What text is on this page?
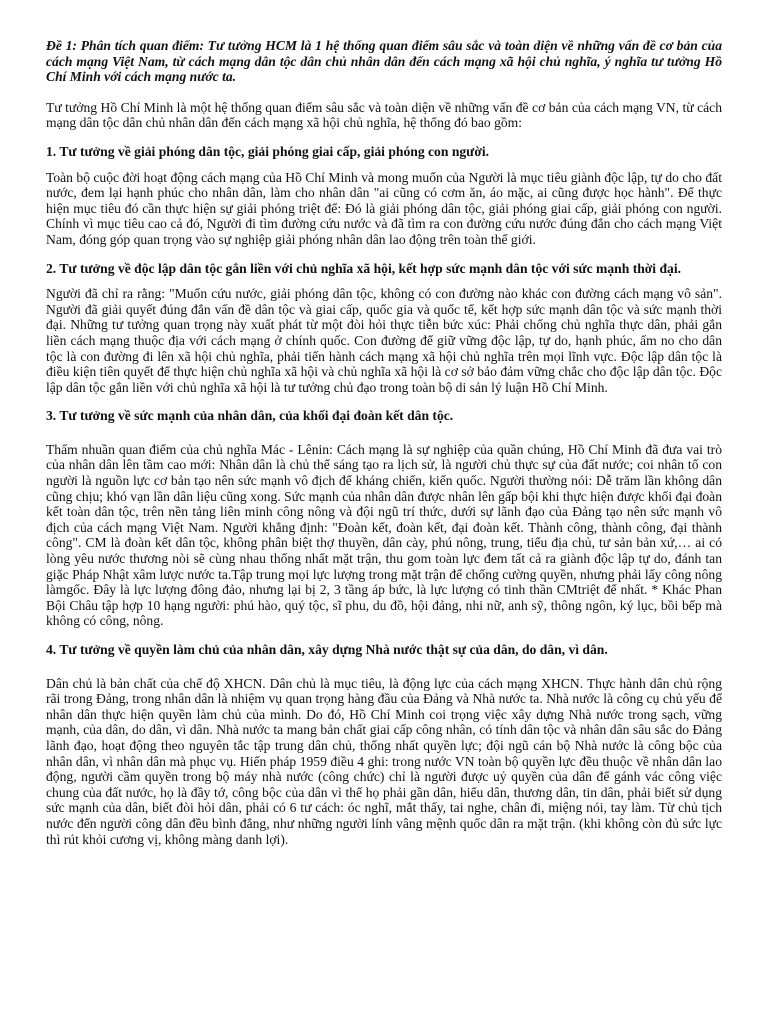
Đề 1: Phân tích quan điểm: Tư tưởng HCM là 1 hệ thống quan điểm sâu sắc và toàn diện về những vấn đề cơ bản của cách mạng Việt Nam, từ cách mạng dân tộc dân chủ nhân dân đến cách mạng xã hội chủ nghĩa, ý nghĩa tư tưởng Hồ Chí Minh với cách mạng nước ta.

Tư tưởng Hồ Chí Minh là một hệ thống quan điểm sâu sắc và toàn diện về những vấn đề cơ bản của cách mạng VN, từ cách mạng dân tộc dân chủ nhân dân đến cách mạng xã hội chủ nghĩa, hệ thống đó bao gồm:

1. Tư tưởng về giải phóng dân tộc, giải phóng giai cấp, giải phóng con người.

Toàn bộ cuộc đời hoạt động cách mạng của Hồ Chí Minh và mong muốn của Người là mục tiêu giành độc lập, tự do cho đất nước, đem lại hạnh phúc cho nhân dân, làm cho nhân dân "ai cũng có cơm ăn, áo mặc, ai cũng được học hành". Để thực hiện mục tiêu đó cần thực hiện sự giải phóng triệt để: Đó là giải phóng dân tộc, giải phóng giai cấp, giải phóng con người. Chính vì mục tiêu cao cả đó, Người đi tìm đường cứu nước và đã tìm ra con đường cứu nước đúng đắn cho cách mạng Việt Nam, đóng góp quan trọng vào sự nghiệp giải phóng nhân dân lao động trên toàn thế giới.

2. Tư tưởng về độc lập dân tộc gắn liền với chủ nghĩa xã hội, kết hợp sức mạnh dân tộc với sức mạnh thời đại.

Người đã chỉ ra rằng: "Muốn cứu nước, giải phóng dân tộc, không có con đường nào khác con đường cách mạng vô sản". Người đã giải quyết đúng đắn vấn đề dân tộc và giai cấp, quốc gia và quốc tế, kết hợp sức mạnh dân tộc và sức mạnh thời đại. Những tư tưởng quan trọng này xuất phát từ một đòi hỏi thực tiễn bức xúc: Phải chống chủ nghĩa thực dân, phải gắn liền cách mạng thuộc địa với cách mạng ở chính quốc. Con đường để giữ vững độc lập, tự do, hạnh phúc, ấm no cho dân tộc là con đường đi lên xã hội chủ nghĩa, phải tiến hành cách mạng xã hội chủ nghĩa trên mọi lĩnh vực. Độc lập dân tộc là điều kiện tiên quyết để thực hiện chủ nghĩa xã hội và chủ nghĩa xã hội là cơ sở bảo đảm vững chắc cho độc lập dân tộc. Độc lập dân tộc gắn liền với chủ nghĩa xã hội là tư tưởng chủ đạo trong toàn bộ di sản lý luận Hồ Chí Minh.

3. Tư tưởng về sức mạnh của nhân dân, của khối đại đoàn kết dân tộc.

Thấm nhuần quan điểm của chủ nghĩa Mác - Lênin: Cách mạng là sự nghiệp của quần chúng, Hồ Chí Minh đã đưa vai trò của nhân dân lên tầm cao mới: Nhân dân là chủ thể sáng tạo ra lịch sử, là người chủ thực sự của đất nước; coi nhân tố con người là nguồn lực cơ bản tạo nên sức mạnh vô địch để kháng chiến, kiến quốc. Người thường nói: Dễ trăm lần không dân cũng chịu; khó vạn lần dân liệu cũng xong. Sức mạnh của nhân dân được nhân lên gấp bội khi thực hiện được khối đại đoàn kết toàn dân tộc, trên nền tảng liên minh công nông và đội ngũ trí thức, dưới sự lãnh đạo của Đảng tạo nên sức mạnh vô địch của cách mạng Việt Nam. Người khẳng định: "Đoàn kết, đoàn kết, đại đoàn kết. Thành công, thành công, đại thành công". CM là đoàn kết dân tộc, không phân biệt thợ thuyền, dân cày, phú nông, trung, tiểu địa chủ, tư sản bản xứ,… ai có lòng yêu nước thương nòi sẽ cùng nhau thống nhất mặt trận, thu gom toàn lực đem tất cả ra giành độc lập tự do, đánh tan giặc Pháp Nhật xâm lược nước ta.Tập trung mọi lực lượng trong mặt trận để chống cường quyền, nhưng phải lấy công nông làmgốc. Đây là lực lượng đông đảo, nhưng lại bị 2, 3 tầng áp bức, là lực lượng có tinh thần CMtriệt để nhất. * Khác Phan Bội Châu tập hợp 10 hạng người: phú hào, quý tộc, sĩ phu, du đồ, hội đảng, nhi nữ, anh sỹ, thông ngôn, ký lục, bồi bếp mà không có công, nông.

4. Tư tưởng về quyền làm chủ của nhân dân, xây dựng Nhà nước thật sự của dân, do dân, vì dân.

Dân chủ là bản chất của chế độ XHCN. Dân chủ là mục tiêu, là động lực của cách mạng XHCN. Thực hành dân chủ rộng rãi trong Đảng, trong nhân dân là nhiệm vụ quan trọng hàng đầu của Đảng và Nhà nước ta. Nhà nước là công cụ chủ yếu để nhân dân thực hiện quyền làm chủ của mình. Do đó, Hồ Chí Minh coi trọng việc xây dựng Nhà nước trong sạch, vững mạnh, của dân, do dân, vì dân. Nhà nước ta mang bản chất giai cấp công nhân, có tính dân tộc và nhân dân sâu sắc do Đảng lãnh đạo, hoạt động theo nguyên tắc tập trung dân chủ, thống nhất quyền lực; đội ngũ cán bộ Nhà nước là công bộc của nhân dân, vì nhân dân mà phục vụ. Hiến pháp 1959 điều 4 ghi: trong nước VN toàn bộ quyền lực đều thuộc về nhân dân lao động, người cầm quyền trong bộ máy nhà nước (công chức) chỉ là người được uỷ quyền của dân để gánh vác công việc chung của đất nước, họ là đầy tớ, công bộc của dân vì thế họ phải gần dân, hiểu dân, thương dân, tin dân, phải biết sử dụng sức mạnh của dân, biết đòi hỏi dân, phải có 6 tư cách: óc nghĩ, mắt thấy, tai nghe, chân đi, miệng nói, tay làm. Từ chủ tịch nước đến người công dân đều bình đẳng, như những người lính vâng mệnh quốc dân ra mặt trận. (khi không còn đủ sức lực thì rút khỏi cương vị, không màng danh lợi).
